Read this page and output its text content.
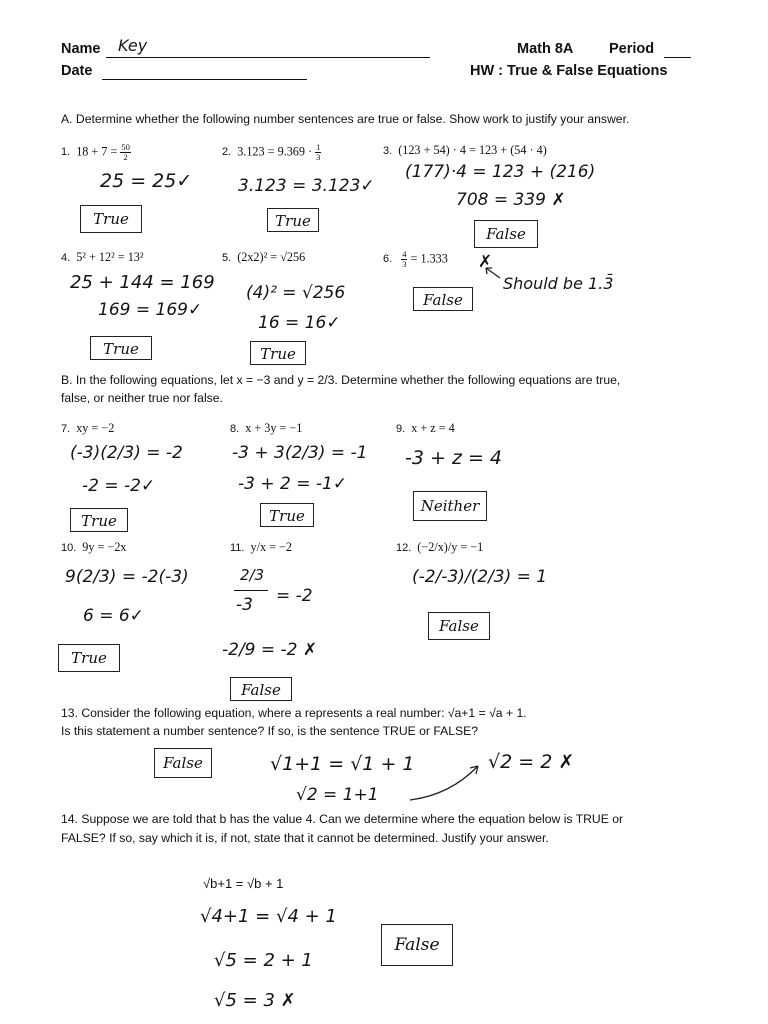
Name Key
Date
Math 8A Period
HW : True & False Equations
A. Determine whether the following number sentences are true or false. Show work to justify your answer.
1. $18 + 7 = \frac{50}{2}$
25 = 25✓
True
2. $3.123 = 9.369 \cdot \frac{1}{3}$
3.123 = 3.123✓
True
3. (123 + 54) · 4 = 123 + (54 · 4)
(177)·4 = 123 + (216)
708 = 339 ✗
False
4. 5² + 12² = 13²
25 + 144 = 169
169 = 169✓
True
5. (2x2)² = √256
(4)² = √256
16 = 16✓
True
6. $\frac{4}{3} = 1.333$ ✗
Should be 1.3̄
False
B. In the following equations, let x = −3 and y = 2/3. Determine whether the following equations are true,
false, or neither true nor false.
7. xy = −2
(-3)(2/3) = -2
-2 = -2✓
True
8. x + 3y = −1
-3 + 3(2/3) = -1
-3 + 2 = -1✓
True
9. x + z = 4
-3 + z = 4
Neither
10. 9y = −2x
9(2/3) = -2(-3)
6 = 6✓
True
11. y/x = −2
2/3
-3 = -2
-2/9 = -2 ✗
False
12. (−2/x)/y = −1
(-2/-3)/(2/3) = 1
False
13. Consider the following equation, where a represents a real number: √a+1 = √a + 1.
Is this statement a number sentence? If so, is the sentence TRUE or FALSE?
False	√1+1 = √1 + 1
√2 = 1+1
√2 = 2 ✗
14. Suppose we are told that b has the value 4. Can we determine where the equation below is TRUE or
FALSE? If so, say which it is, if not, state that it cannot be determined. Justify your answer.
√b+1 = √b + 1
√4+1 = √4 + 1
√5 = 2 + 1
√5 = 3 ✗
False
